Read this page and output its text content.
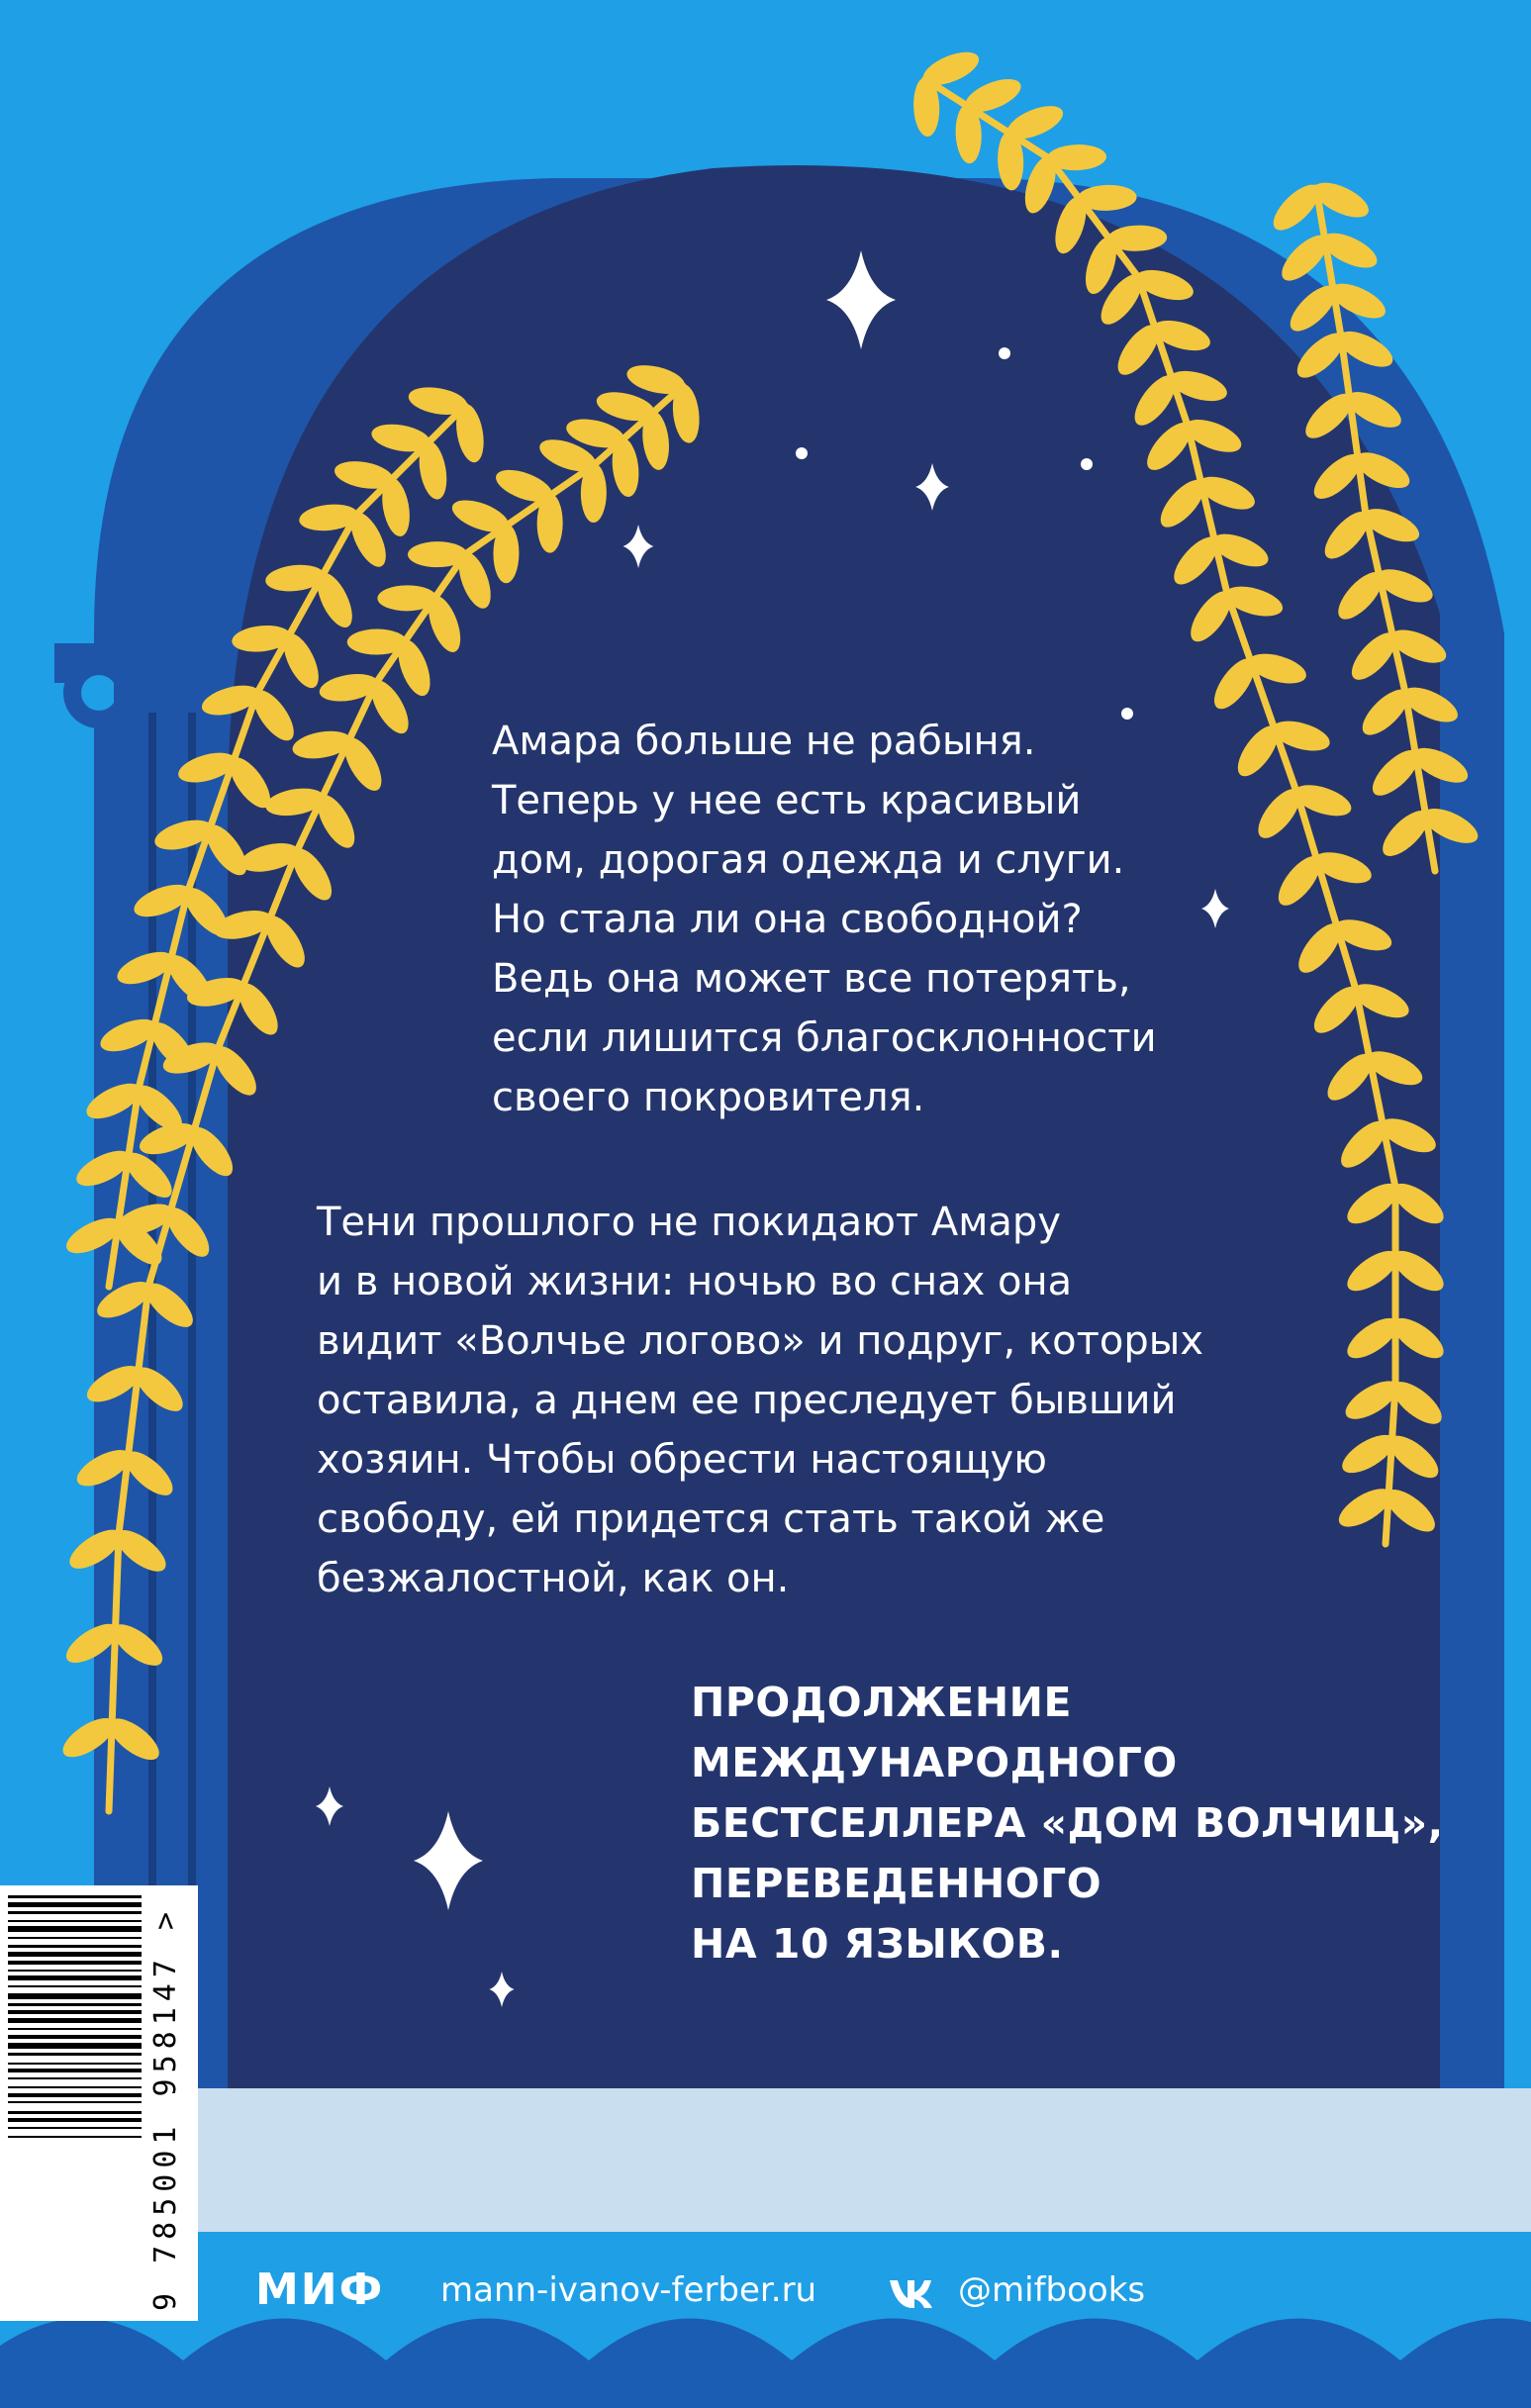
9 785001 958147 >
Амара больше не рабыня.
Теперь у нее есть красивый
дом, дорогая одежда и слуги.
Но стала ли она свободной?
Ведь она может все потерять,
если лишится благосклонности
своего покровителя.
Тени прошлого не покидают Амару
и в новой жизни: ночью во снах она
видит «Волчье логово» и подруг, которых
оставила, а днем ее преследует бывший
хозяин. Чтобы обрести настоящую
свободу, ей придется стать такой же
безжалостной, как он.
ПРОДОЛЖЕНИЕ
МЕЖДУНАРОДНОГО
БЕСТСЕЛЛЕРА «ДОМ ВОЛЧИЦ»,
ПЕРЕВЕДЕННОГО
НА 10 ЯЗЫКОВ.
МИФ mann-ivanov-ferber.ru	@mifbooks
